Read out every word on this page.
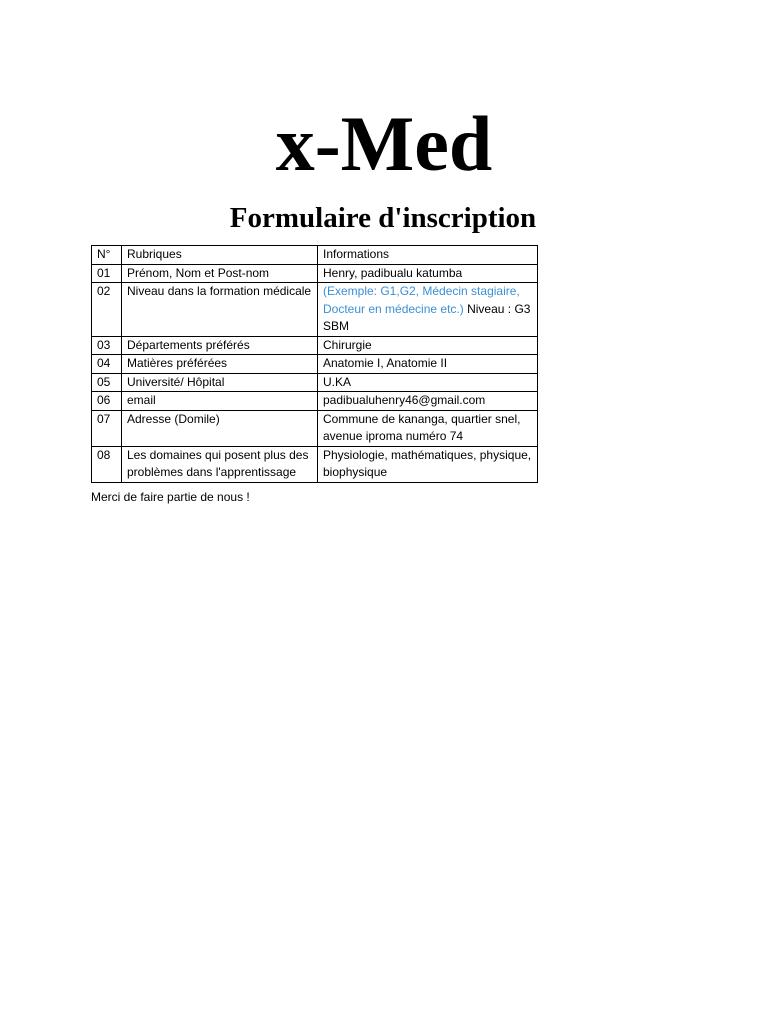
x-Med
Formulaire d'inscription
N°	Rubriques	Informations
01	Prénom, Nom et Post-nom	Henry, padibualu katumba
02	Niveau dans la formation médicale	(Exemple: G1,G2, Médecin stagiaire, Docteur en médecine etc.) Niveau : G3 SBM
03	Départements préférés	Chirurgie
04	Matières préférées	Anatomie I, Anatomie II
05	Université/ Hôpital	U.KA
06	email	padibualuhenry46@gmail.com
07	Adresse (Domile)	Commune de kananga, quartier snel, avenue iproma numéro 74
08	Les domaines qui posent plus des problèmes dans l'apprentissage	Physiologie, mathématiques, physique, biophysique
Merci de faire partie de nous !
